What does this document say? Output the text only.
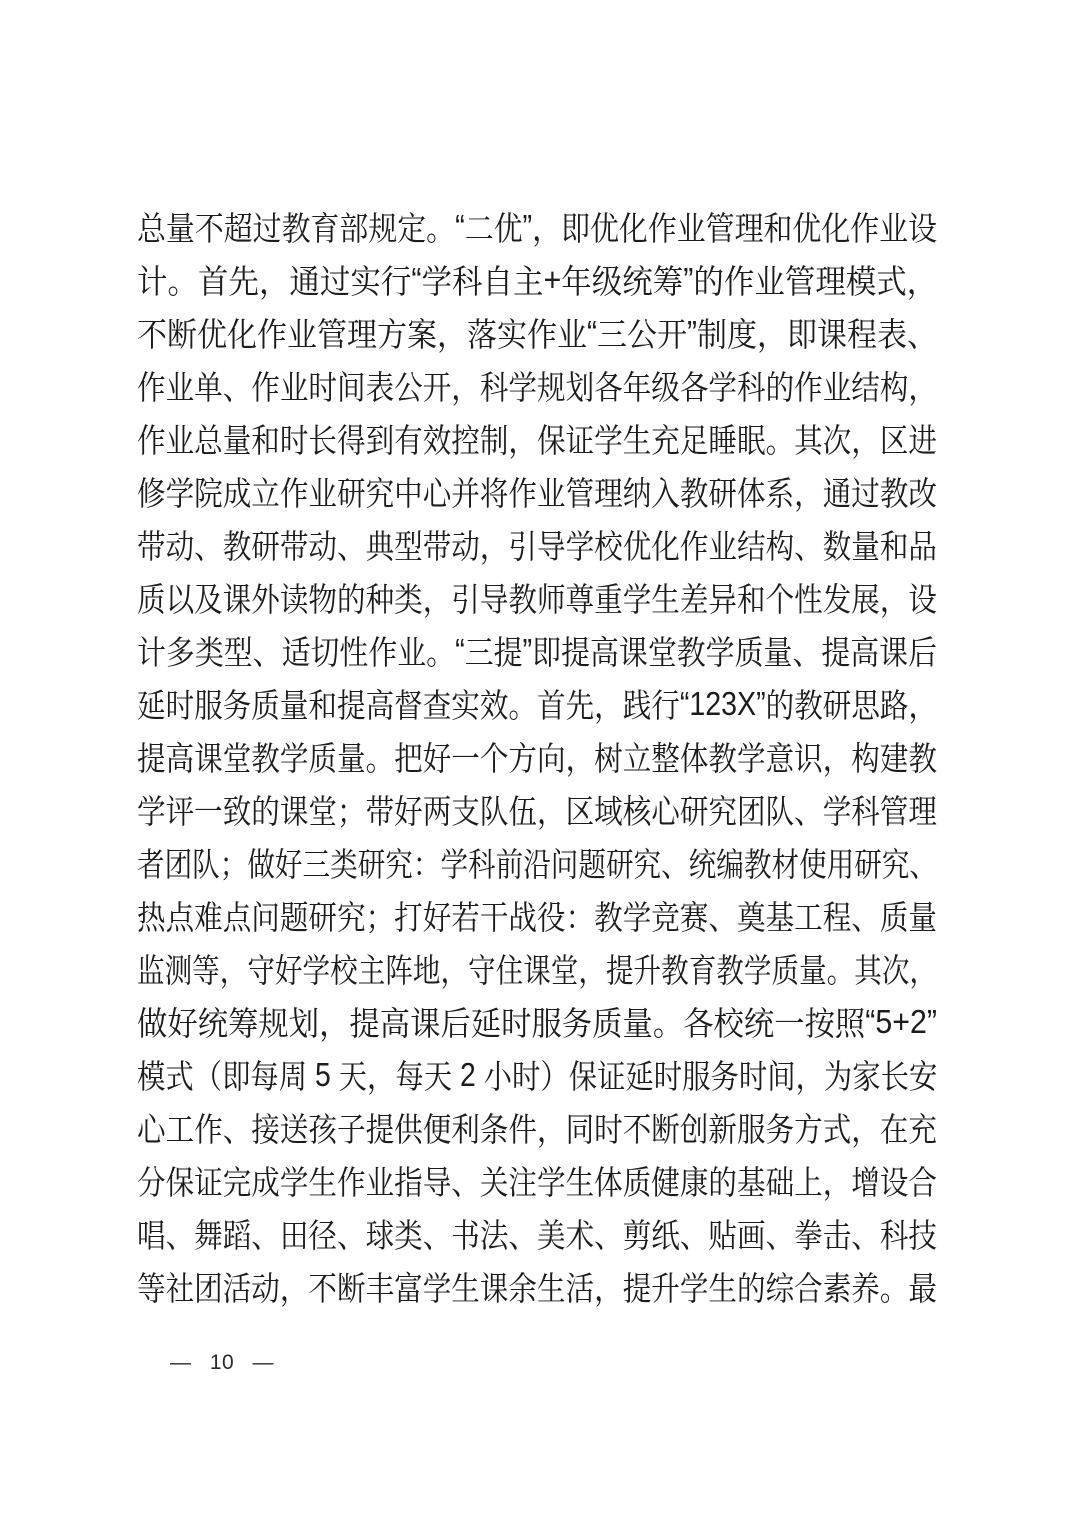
总 量 不 超 过 教 育 部 规 定 。 “ 二 优 ” ， 即 优 化 作 业 管 理 和 优 化 作 业 设
计 。 首 先 ， 通 过 实 行 “ 学 科 自 主 + 年 级 统 筹 ” 的 作 业 管 理 模 式 ，
不 断 优 化 作 业 管 理 方 案 ， 落 实 作 业 “ 三 公 开 ” 制 度 ， 即 课 程 表 、
作 业 单 、 作 业 时 间 表 公 开 ， 科 学 规 划 各 年 级 各 学 科 的 作 业 结 构 ，
作 业 总 量 和 时 长 得 到 有 效 控 制 ， 保 证 学 生 充 足 睡 眠 。 其 次 ， 区 进
修 学 院 成 立 作 业 研 究 中 心 并 将 作 业 管 理 纳 入 教 研 体 系 ， 通 过 教 改
带 动 、 教 研 带 动 、 典 型 带 动 ， 引 导 学 校 优 化 作 业 结 构 、 数 量 和 品
质 以 及 课 外 读 物 的 种 类 ， 引 导 教 师 尊 重 学 生 差 异 和 个 性 发 展 ， 设
计 多 类 型 、 适 切 性 作 业 。 “ 三 提 ” 即 提 高 课 堂 教 学 质 量 、 提 高 课 后
延 时 服 务 质 量 和 提 高 督 查 实 效 。 首 先 ， 践 行 “ 123X ” 的 教 研 思 路 ，
提 高 课 堂 教 学 质 量 。 把 好 一 个 方 向 ， 树 立 整 体 教 学 意 识 ， 构 建 教
学 评 一 致 的 课 堂 ； 带 好 两 支 队 伍 ， 区 域 核 心 研 究 团 队 、 学 科 管 理
者 团 队 ； 做 好 三 类 研 究 ： 学 科 前 沿 问 题 研 究 、 统 编 教 材 使 用 研 究 、
热 点 难 点 问 题 研 究 ； 打 好 若 干 战 役 ： 教 学 竞 赛 、 奠 基 工 程 、 质 量
监 测 等 ， 守 好 学 校 主 阵 地 ， 守 住 课 堂 ， 提 升 教 育 教 学 质 量 。 其 次 ，
做 好 统 筹 规 划 ， 提 高 课 后 延 时 服 务 质 量 。 各 校 统 一 按 照 “ 5+2 ”
模 式 （ 即 每 周 5 天 ， 每 天 2 小 时 ） 保 证 延 时 服 务 时 间 ， 为 家 长 安
心 工 作 、 接 送 孩 子 提 供 便 利 条 件 ， 同 时 不 断 创 新 服 务 方 式 ， 在 充
分 保 证 完 成 学 生 作 业 指 导 、 关 注 学 生 体 质 健 康 的 基 础 上 ， 增 设 合
唱 、 舞 蹈 、 田 径 、 球 类 、 书 法 、 美 术 、 剪 纸 、 贴 画 、 拳 击 、 科 技
等 社 团 活 动 ， 不 断 丰 富 学 生 课 余 生 活 ， 提 升 学 生 的 综 合 素 养 。 最
— 10 —
